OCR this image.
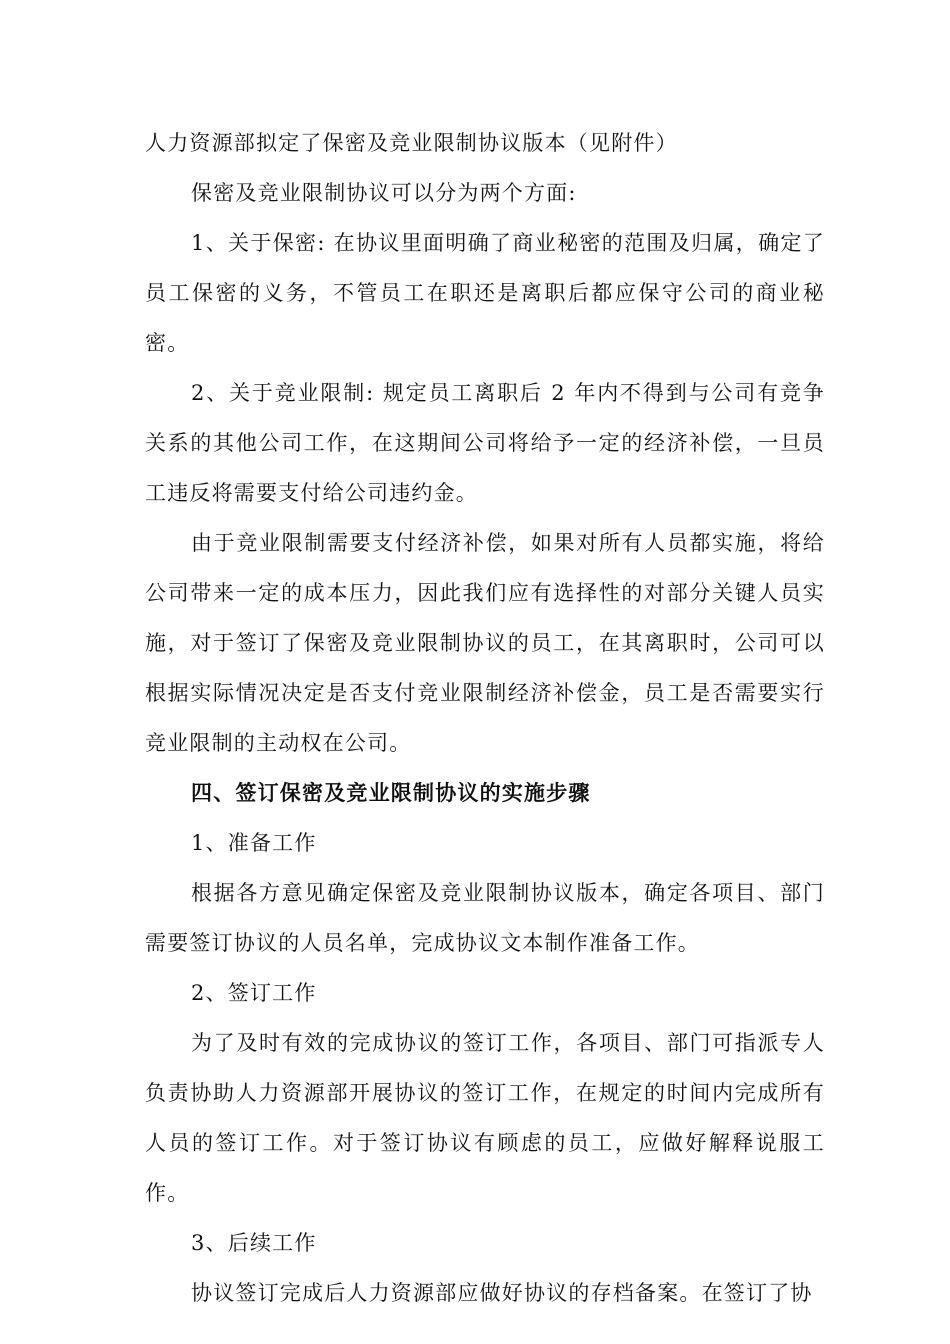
人力资源部拟定了保密及竞业限制协议版本（见附件）

保密及竞业限制协议可以分为两个方面:

1、关于保密: 在协议里面明确了商业秘密的范围及归属，确定了员工保密的义务，不管员工在职还是离职后都应保守公司的商业秘密。

2、关于竞业限制: 规定员工离职后 2 年内不得到与公司有竞争关系的其他公司工作，在这期间公司将给予一定的经济补偿，一旦员工违反将需要支付给公司违约金。

由于竞业限制需要支付经济补偿，如果对所有人员都实施，将给公司带来一定的成本压力，因此我们应有选择性的对部分关键人员实施，对于签订了保密及竞业限制协议的员工，在其离职时，公司可以根据实际情况决定是否支付竞业限制经济补偿金，员工是否需要实行竞业限制的主动权在公司。

四、签订保密及竞业限制协议的实施步骤

1、准备工作

根据各方意见确定保密及竞业限制协议版本，确定各项目、部门需要签订协议的人员名单，完成协议文本制作准备工作。

2、签订工作

为了及时有效的完成协议的签订工作，各项目、部门可指派专人负责协助人力资源部开展协议的签订工作，在规定的时间内完成所有人员的签订工作。对于签订协议有顾虑的员工，应做好解释说服工作。

3、后续工作

协议签订完成后人力资源部应做好协议的存档备案。在签订了协
